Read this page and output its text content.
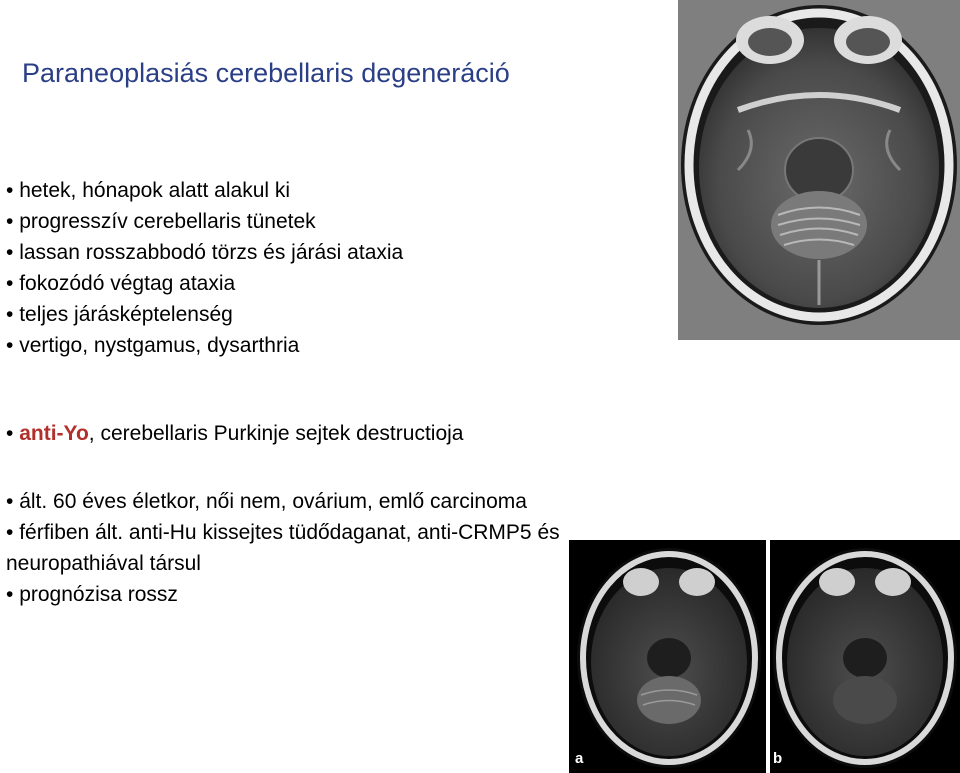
Paraneoplasiás cerebellaris degeneráció
• hetek, hónapok alatt alakul ki
• progresszív cerebellaris tünetek
• lassan rosszabbodó törzs és járási ataxia
• fokozódó végtag ataxia
• teljes járásképtelenség
• vertigo, nystgamus, dysarthria
• anti-Yo, cerebellaris Purkinje sejtek destructioja
• ált. 60 éves életkor, női nem, ovárium, emlő carcinoma
• férfiben ált. anti-Hu kissejtes tüdődaganat, anti-CRMP5 és neuropathiával társul
• prognózisa rossz
a	b
